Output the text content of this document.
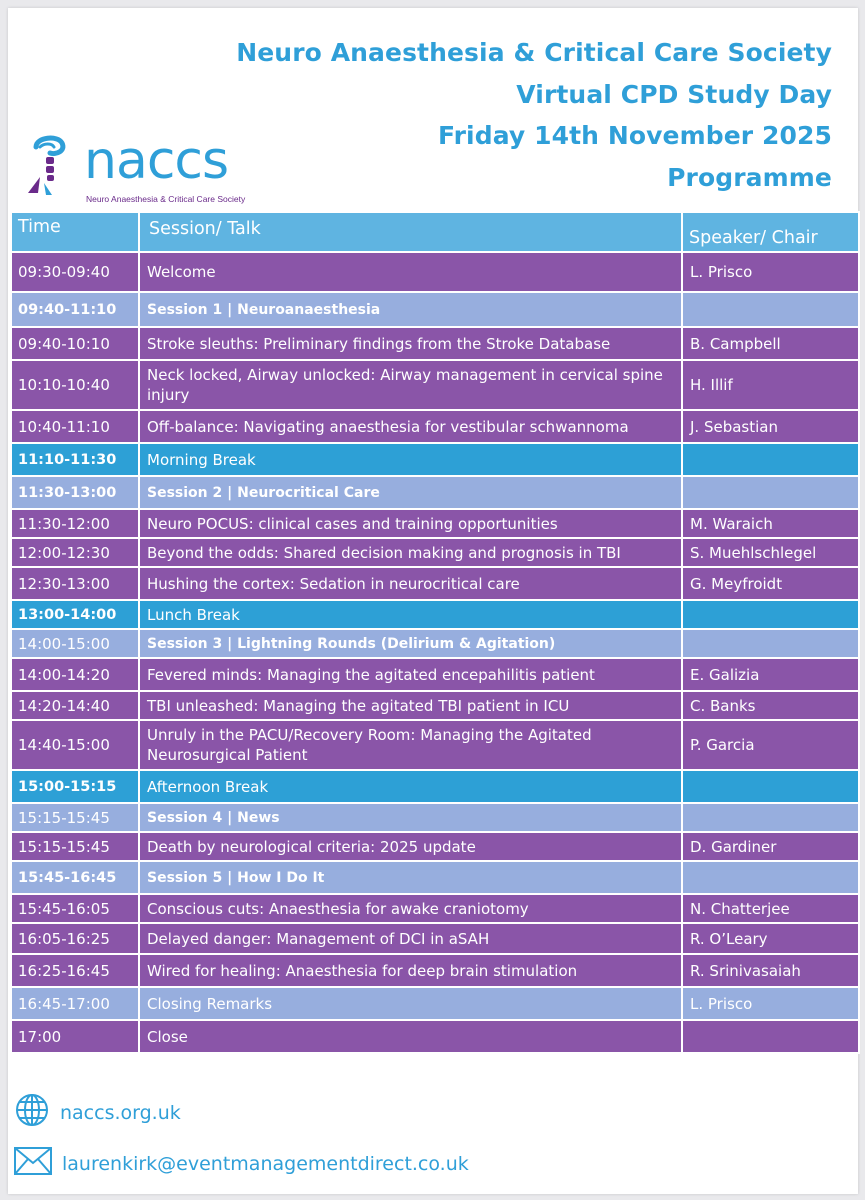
Neuro Anaesthesia & Critical Care Society
Virtual CPD Study Day
Friday 14th November 2025
Programme
naccs
Neuro Anaesthesia & Critical Care Society
Time	Session/ Talk	Speaker/ Chair
09:30-09:40	Welcome	L. Prisco
09:40-11:10	Session 1 | Neuroanaesthesia	
09:40-10:10	Stroke sleuths: Preliminary findings from the Stroke Database	B. Campbell
10:10-10:40	Neck locked, Airway unlocked: Airway management in cervical spine injury	H. Illif
10:40-11:10	Off-balance: Navigating anaesthesia for vestibular schwannoma	J. Sebastian
11:10-11:30	Morning Break	
11:30-13:00	Session 2 | Neurocritical Care	
11:30-12:00	Neuro POCUS: clinical cases and training opportunities	M. Waraich
12:00-12:30	Beyond the odds: Shared decision making and prognosis in TBI	S. Muehlschlegel
12:30-13:00	Hushing the cortex: Sedation in neurocritical care	G. Meyfroidt
13:00-14:00	Lunch Break	
14:00-15:00	Session 3 | Lightning Rounds (Delirium & Agitation)	
14:00-14:20	Fevered minds: Managing the agitated encepahilitis patient	E. Galizia
14:20-14:40	TBI unleashed: Managing the agitated TBI patient in ICU	C. Banks
14:40-15:00	Unruly in the PACU/Recovery Room: Managing the Agitated Neurosurgical Patient	P. Garcia
15:00-15:15	Afternoon Break	
15:15-15:45	Session 4 | News	
15:15-15:45	Death by neurological criteria: 2025 update	D. Gardiner
15:45-16:45	Session 5 | How I Do It	
15:45-16:05	Conscious cuts: Anaesthesia for awake craniotomy	N. Chatterjee
16:05-16:25	Delayed danger: Management of DCI in aSAH	R. O’Leary
16:25-16:45	Wired for healing: Anaesthesia for deep brain stimulation	R. Srinivasaiah
16:45-17:00	Closing Remarks	L. Prisco
17:00	Close	
naccs.org.uk
laurenkirk@eventmanagementdirect.co.uk
